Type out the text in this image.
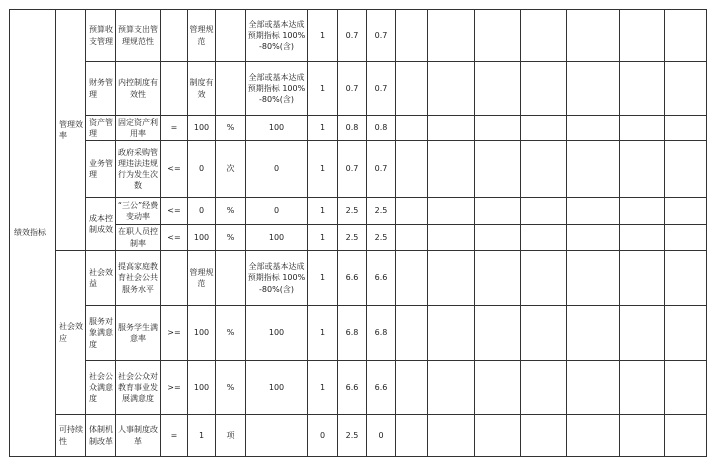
绩效指标	管理效率	预算收支管理	预算支出管理规范性		管理规范		全部或基本达成预期指标 100%-80%(含)	1	0.7	0.7							
		财务管理	内控制度有效性		制度有效		全部或基本达成预期指标 100%-80%(含)	1	0.7	0.7							
		资产管理	固定资产利用率	=	100	%	100	1	0.8	0.8							
		业务管理	政府采购管理违法违规行为发生次数	<=	0	次	0	1	0.7	0.7							
		成本控制成效	“三公”经费变动率	<=	0	%	0	1	2.5	2.5							
			在职人员控制率	<=	100	%	100	1	2.5	2.5							
	社会效应	社会效益	提高家庭教育社会公共服务水平		管理规范		全部或基本达成预期指标 100%-80%(含)	1	6.6	6.6							
		服务对象满意度	服务学生满意率	>=	100	%	100	1	6.8	6.8							
		社会公众满意度	社会公众对教育事业发展满意度	>=	100	%	100	1	6.6	6.6							
	可持续性	体制机制改革	人事制度改革	=	1	项		0	2.5	0							
